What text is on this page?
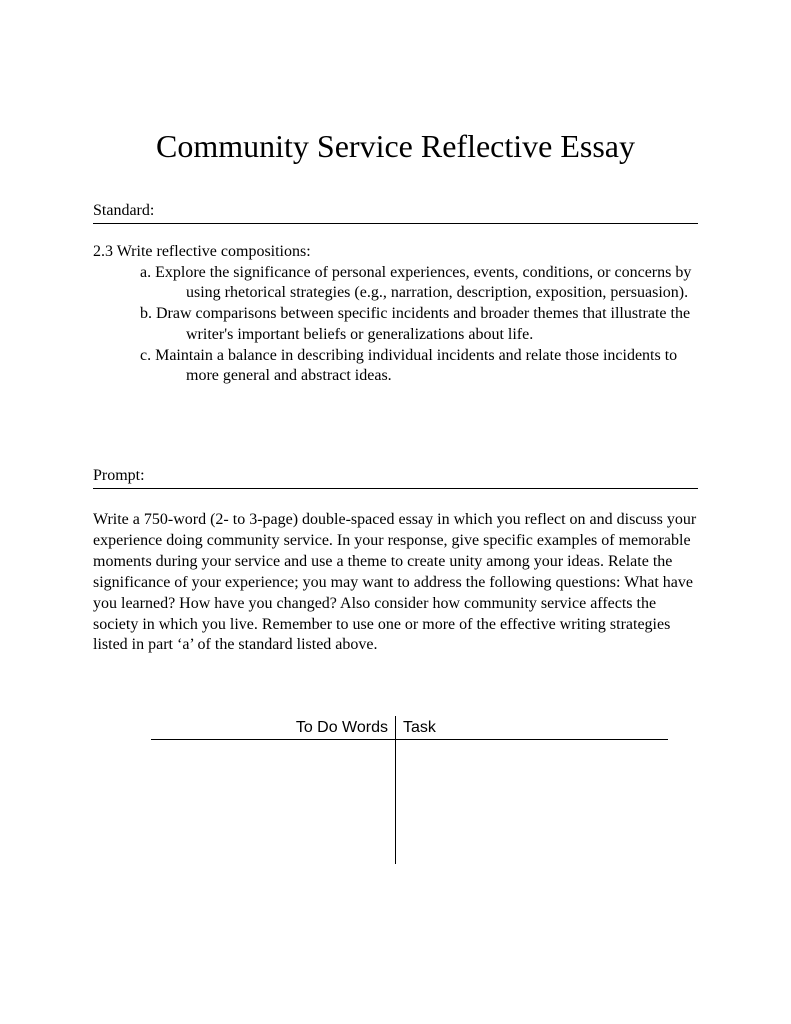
Community Service Reflective Essay
Standard:

2.3 Write reflective compositions:

a. Explore the significance of personal experiences, events, conditions, or concerns by using rhetorical strategies (e.g., narration, description, exposition, persuasion).
b. Draw comparisons between specific incidents and broader themes that illustrate the writer's important beliefs or generalizations about life.
c. Maintain a balance in describing individual incidents and relate those incidents to more general and abstract ideas.
Prompt:

Write a 750-word (2- to 3-page) double-spaced essay in which you reflect on and discuss your experience doing community service. In your response, give specific examples of memorable moments during your service and use a theme to create unity among your ideas. Relate the significance of your experience; you may want to address the following questions: What have you learned? How have you changed? Also consider how community service affects the society in which you live. Remember to use one or more of the effective writing strategies listed in part ‘a’ of the standard listed above.

To Do Words Task
